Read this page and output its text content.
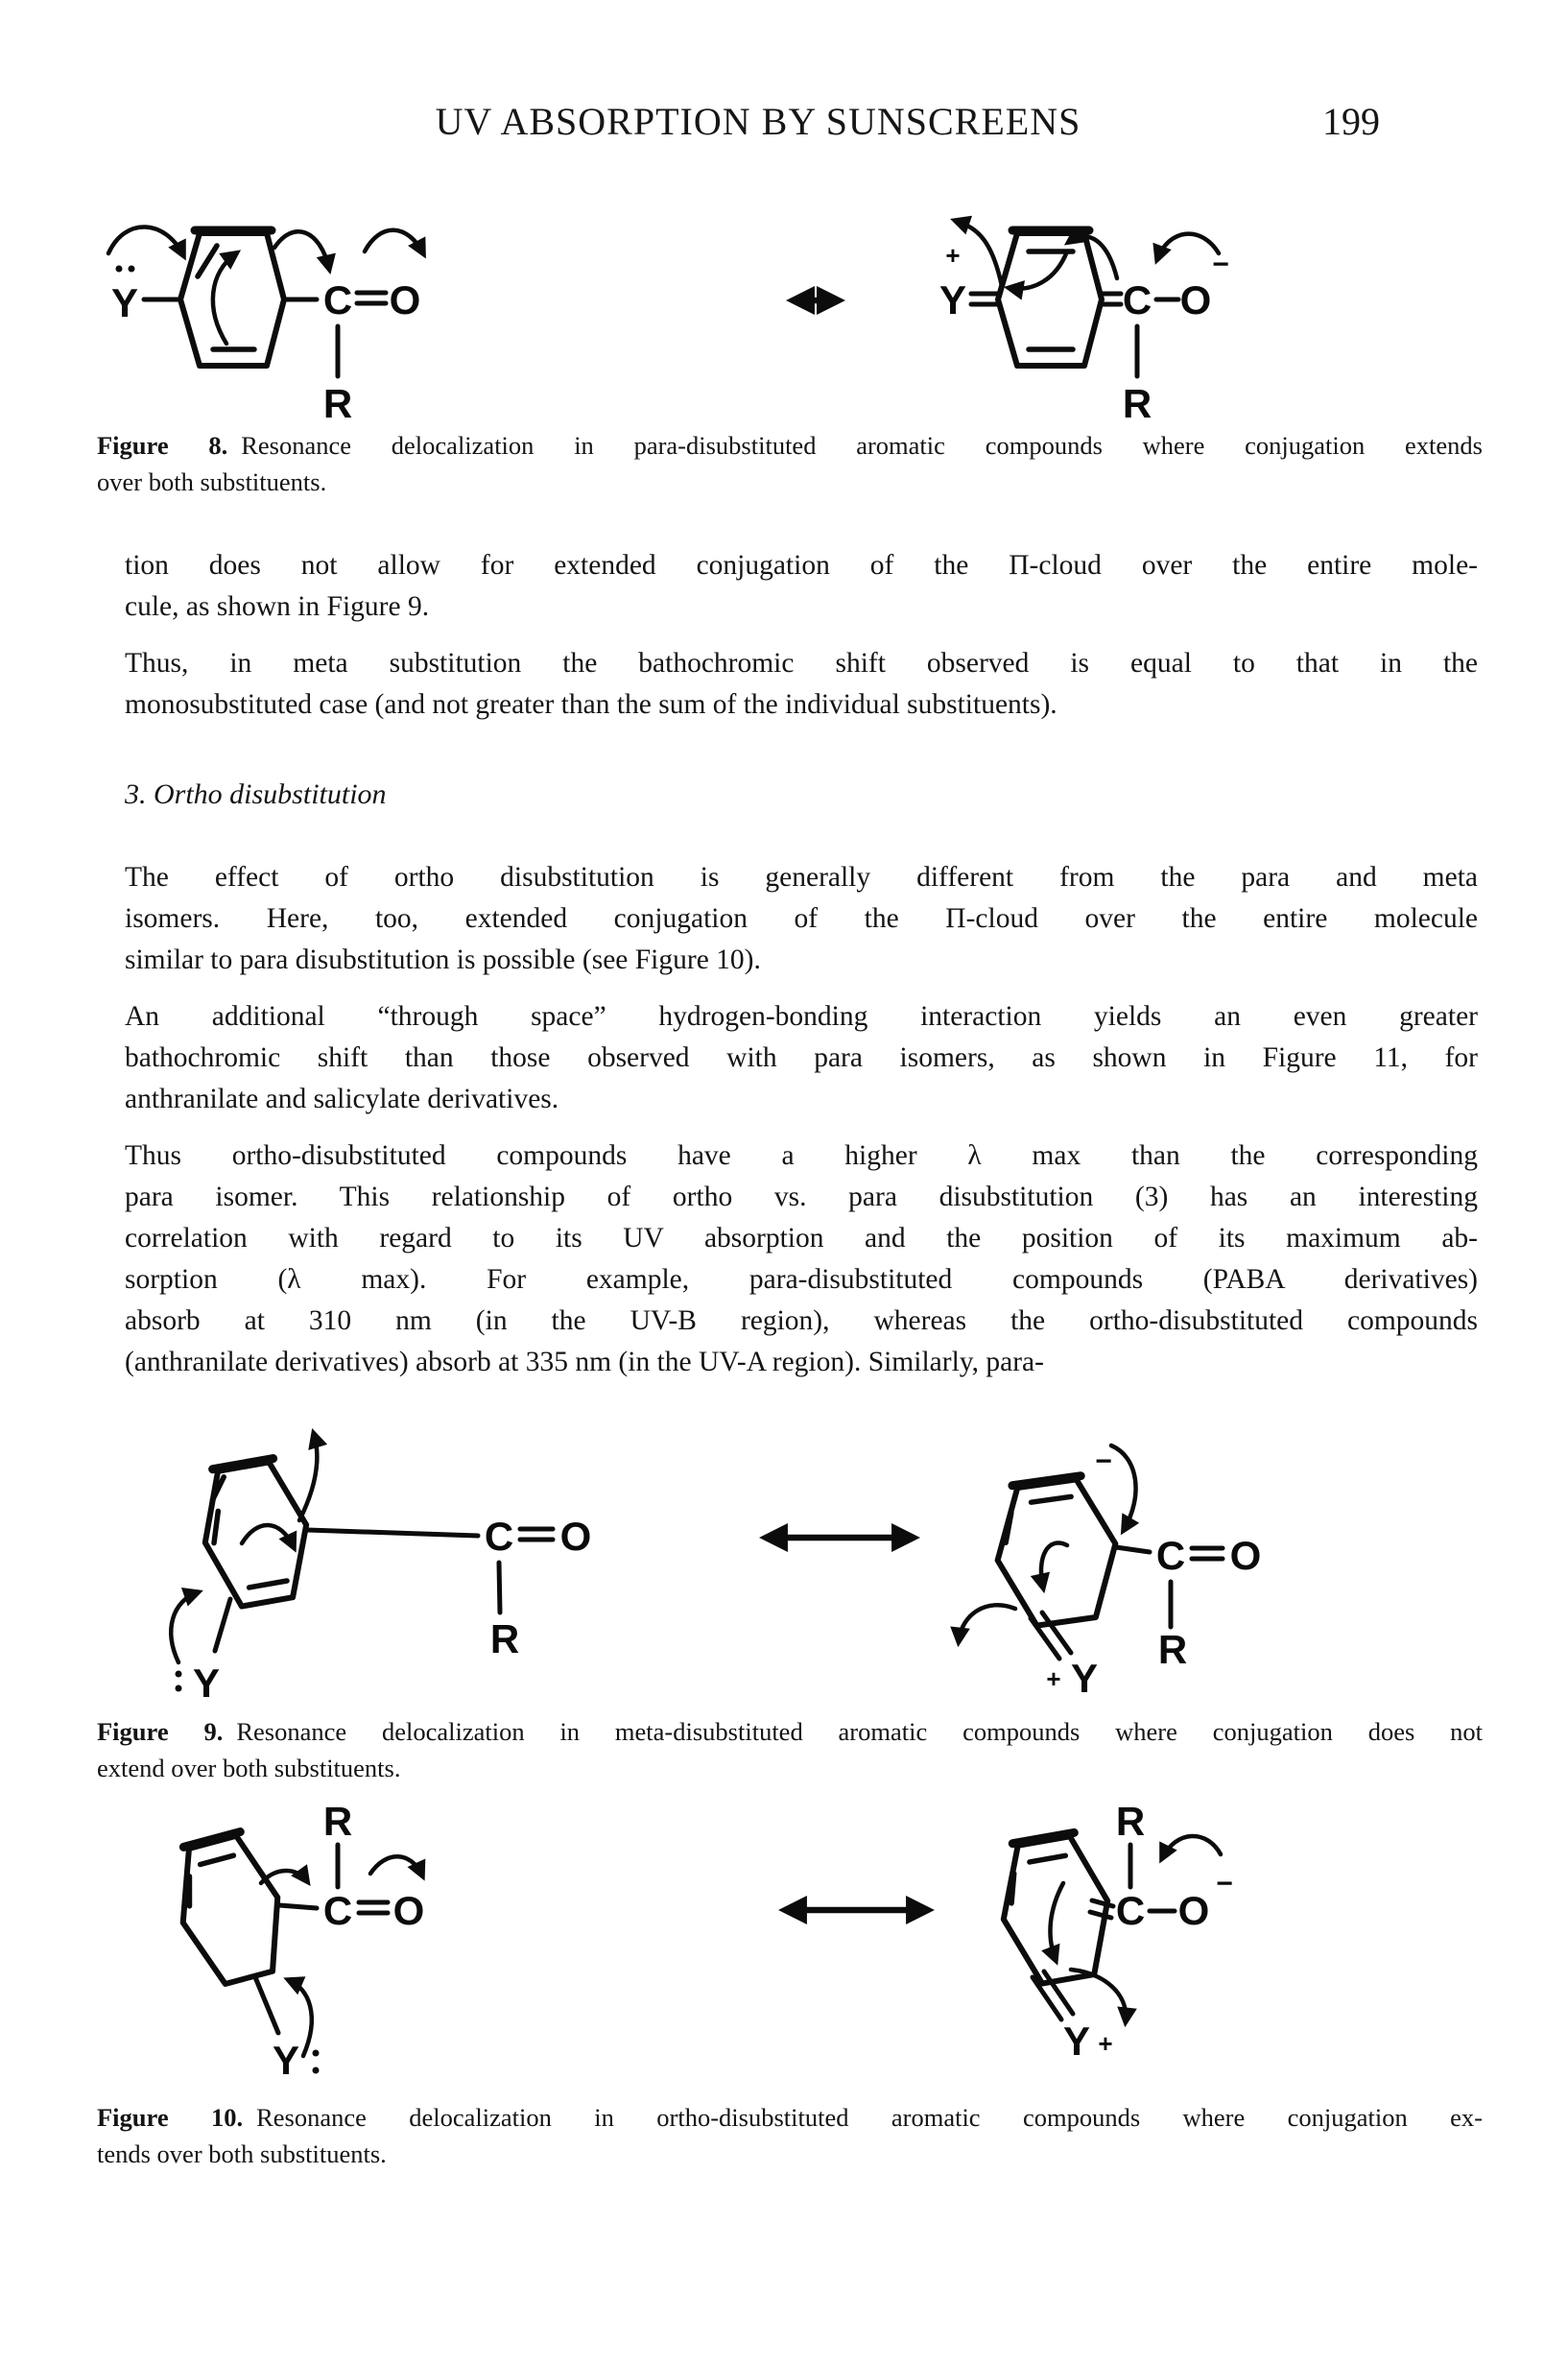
UV ABSORPTION BY SUNSCREENS	199
Y	C O
R
+
Y	C O
−
R
Figure 8. Resonance delocalization in para-disubstituted aromatic compounds where conjugation extends
over both substituents.
tion does not allow for extended conjugation of the Π-cloud over the entire mole-
cule, as shown in Figure 9.
Thus, in meta substitution the bathochromic shift observed is equal to that in the
monosubstituted case (and not greater than the sum of the individual substituents).
3. Ortho disubstitution
The effect of ortho disubstitution is generally different from the para and meta
isomers. Here, too, extended conjugation of the Π-cloud over the entire molecule
similar to para disubstitution is possible (see Figure 10).
An additional “through space” hydrogen-bonding interaction yields an even greater
bathochromic shift than those observed with para isomers, as shown in Figure 11, for
anthranilate and salicylate derivatives.
Thus ortho-disubstituted compounds have a higher λ max than the corresponding
para isomer. This relationship of ortho vs. para disubstitution (3) has an interesting
correlation with regard to its UV absorption and the position of its maximum ab-
sorption (λ max). For example, para-disubstituted compounds (PABA derivatives)
absorb at 310 nm (in the UV-B region), whereas the ortho-disubstituted compounds
(anthranilate derivatives) absorb at 335 nm (in the UV-A region). Similarly, para-
C O
R
Y
−
C O
R
+ Y
Figure 9. Resonance delocalization in meta-disubstituted aromatic compounds where conjugation does not
extend over both substituents.
R
C O
Y
R
C O
−
Y +
Figure 10. Resonance delocalization in ortho-disubstituted aromatic compounds where conjugation ex-
tends over both substituents.
